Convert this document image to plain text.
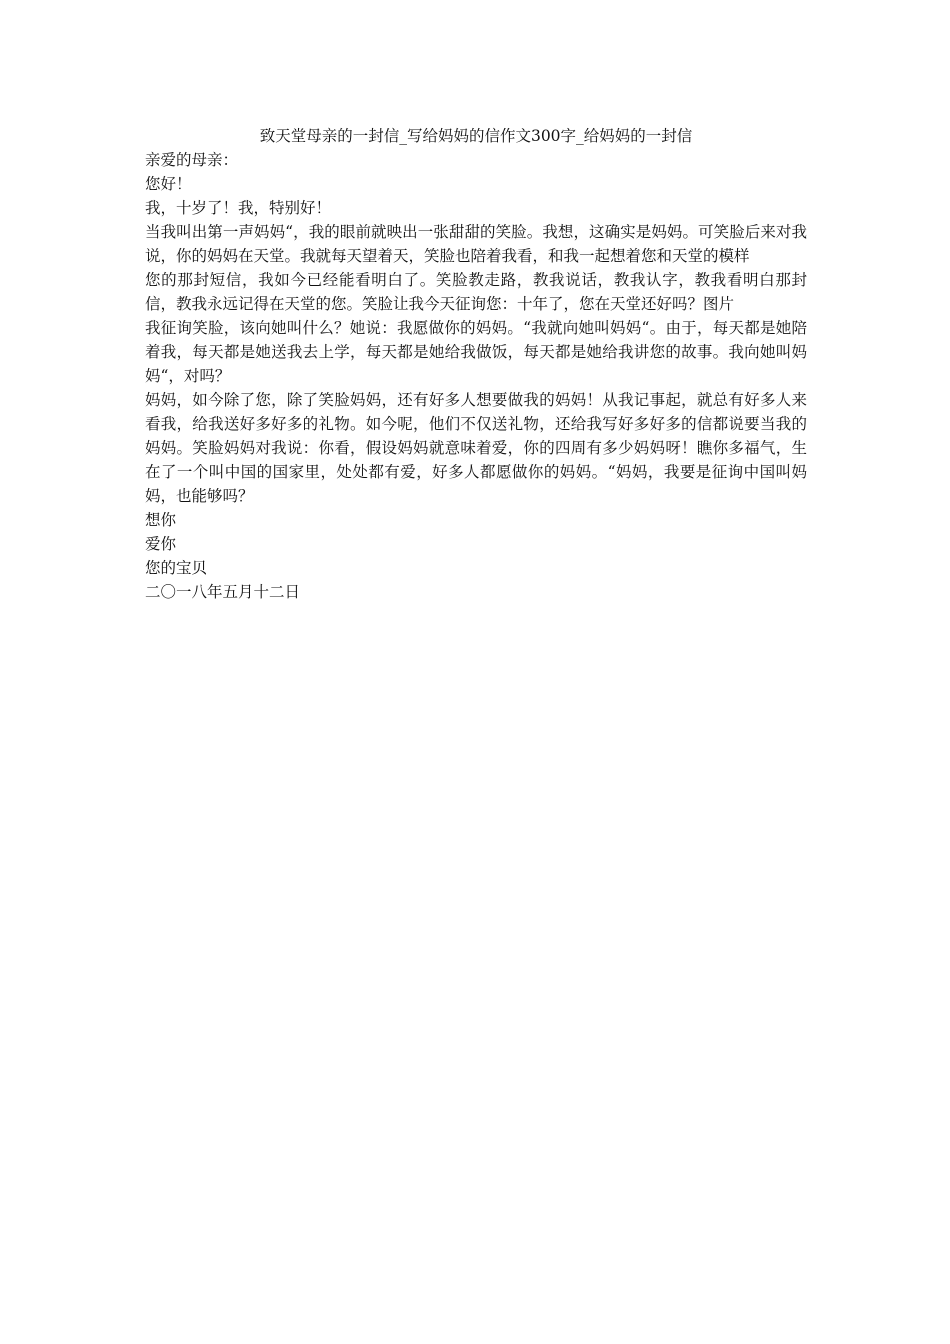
致天堂母亲的一封信_写给妈妈的信作文300字_给妈妈的一封信

亲爱的母亲：

您好！

我，十岁了！我，特别好！

当我叫出第一声妈妈“，我的眼前就映出一张甜甜的笑脸。我想，这确实是妈妈。可笑脸后来对我说，你的妈妈在天堂。我就每天望着天，笑脸也陪着我看，和我一起想着您和天堂的模样

您的那封短信，我如今已经能看明白了。笑脸教走路，教我说话，教我认字，教我看明白那封信，教我永远记得在天堂的您。笑脸让我今天征询您：十年了，您在天堂还好吗？图片

我征询笑脸，该向她叫什么？她说：我愿做你的妈妈。“我就向她叫妈妈“。由于，每天都是她陪着我，每天都是她送我去上学，每天都是她给我做饭，每天都是她给我讲您的故事。我向她叫妈妈“，对吗？

妈妈，如今除了您，除了笑脸妈妈，还有好多人想要做我的妈妈！从我记事起，就总有好多人来看我，给我送好多好多的礼物。如今呢，他们不仅送礼物，还给我写好多好多的信都说要当我的妈妈。笑脸妈妈对我说：你看，假设妈妈就意味着爱，你的四周有多少妈妈呀！瞧你多福气，生在了一个叫中国的国家里，处处都有爱，好多人都愿做你的妈妈。“妈妈，我要是征询中国叫妈妈，也能够吗？

想你

爱你

您的宝贝

二〇一八年五月十二日
